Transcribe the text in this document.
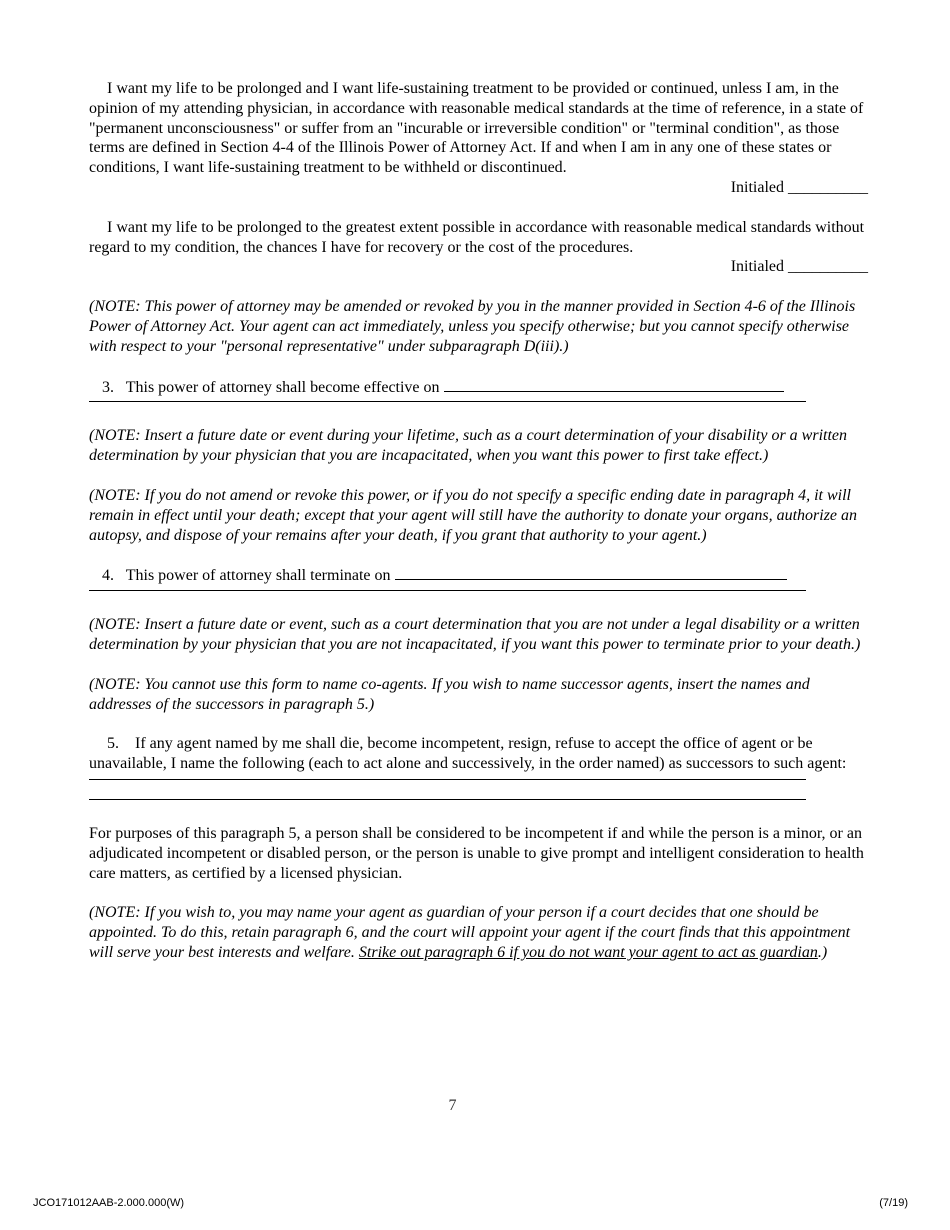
I want my life to be prolonged and I want life-sustaining treatment to be provided or continued, unless I am, in the opinion of my attending physician, in accordance with reasonable medical standards at the time of reference, in a state of "permanent unconsciousness" or suffer from an "incurable or irreversible condition" or "terminal condition", as those terms are defined in Section 4-4 of the Illinois Power of Attorney Act. If and when I am in any one of these states or conditions, I want life-sustaining treatment to be withheld or discontinued.

Initialed __________

I want my life to be prolonged to the greatest extent possible in accordance with reasonable medical standards without regard to my condition, the chances I have for recovery or the cost of the procedures.

Initialed __________

(NOTE: This power of attorney may be amended or revoked by you in the manner provided in Section 4-6 of the Illinois Power of Attorney Act. Your agent can act immediately, unless you specify otherwise; but you cannot specify otherwise with respect to your "personal representative" under subparagraph D(iii).)

3. This power of attorney shall become effective on

(NOTE: Insert a future date or event during your lifetime, such as a court determination of your disability or a written determination by your physician that you are incapacitated, when you want this power to first take effect.)

(NOTE: If you do not amend or revoke this power, or if you do not specify a specific ending date in paragraph 4, it will remain in effect until your death; except that your agent will still have the authority to donate your organs, authorize an autopsy, and dispose of your remains after your death, if you grant that authority to your agent.)

4. This power of attorney shall terminate on

(NOTE: Insert a future date or event, such as a court determination that you are not under a legal disability or a written determination by your physician that you are not incapacitated, if you want this power to terminate prior to your death.)

(NOTE: You cannot use this form to name co-agents. If you wish to name successor agents, insert the names and addresses of the successors in paragraph 5.)

5. If any agent named by me shall die, become incompetent, resign, refuse to accept the office of agent or be unavailable, I name the following (each to act alone and successively, in the order named) as successors to such agent:

For purposes of this paragraph 5, a person shall be considered to be incompetent if and while the person is a minor, or an adjudicated incompetent or disabled person, or the person is unable to give prompt and intelligent consideration to health care matters, as certified by a licensed physician.

(NOTE: If you wish to, you may name your agent as guardian of your person if a court decides that one should be appointed. To do this, retain paragraph 6, and the court will appoint your agent if the court finds that this appointment will serve your best interests and welfare. Strike out paragraph 6 if you do not want your agent to act as guardian.)

7
JCO171012AAB-2.000.000(W)	(7/19)
